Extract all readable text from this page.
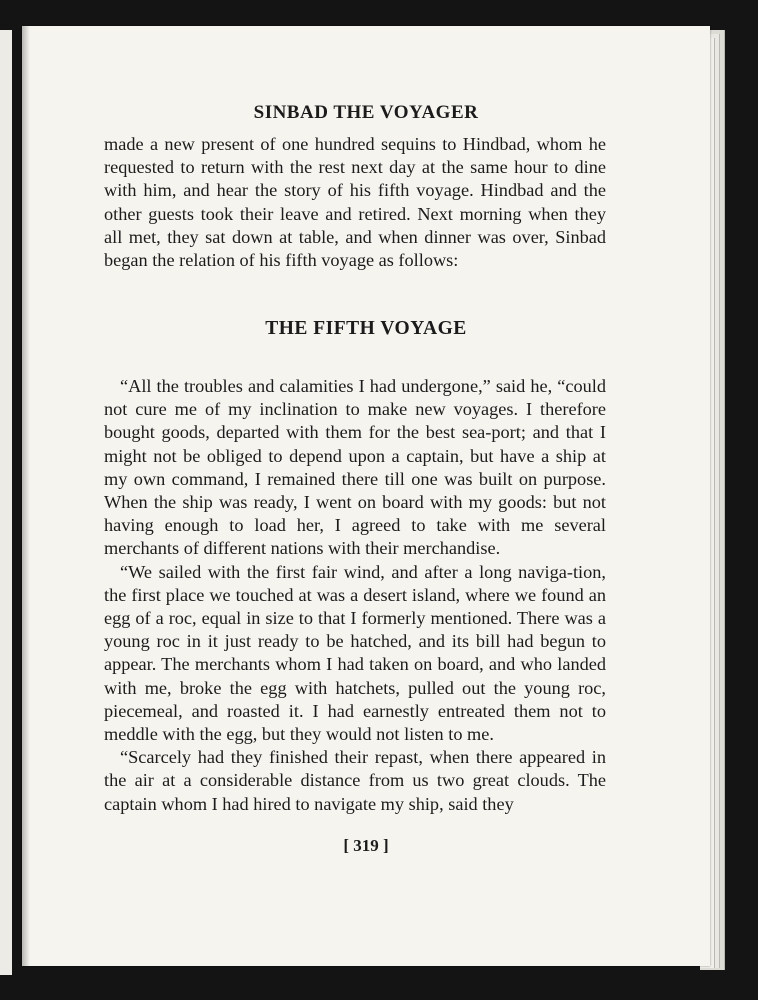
SINBAD THE VOYAGER

made a new present of one hundred sequins to Hindbad, whom he requested to return with the rest next day at the same hour to dine with him, and hear the story of his fifth voyage. Hindbad and the other guests took their leave and retired. Next morning when they all met, they sat down at table, and when dinner was over, Sinbad began the relation of his fifth voyage as follows:

THE FIFTH VOYAGE

“All the troubles and calamities I had undergone,” said he, “could not cure me of my inclination to make new voyages. I therefore bought goods, departed with them for the best sea-port; and that I might not be obliged to depend upon a captain, but have a ship at my own command, I remained there till one was built on purpose. When the ship was ready, I went on board with my goods: but not having enough to load her, I agreed to take with me several merchants of different nations with their merchandise.

“We sailed with the first fair wind, and after a long naviga-tion, the first place we touched at was a desert island, where we found an egg of a roc, equal in size to that I formerly mentioned. There was a young roc in it just ready to be hatched, and its bill had begun to appear. The merchants whom I had taken on board, and who landed with me, broke the egg with hatchets, pulled out the young roc, piecemeal, and roasted it. I had earnestly entreated them not to meddle with the egg, but they would not listen to me.

“Scarcely had they finished their repast, when there appeared in the air at a considerable distance from us two great clouds. The captain whom I had hired to navigate my ship, said they

[ 319 ]
